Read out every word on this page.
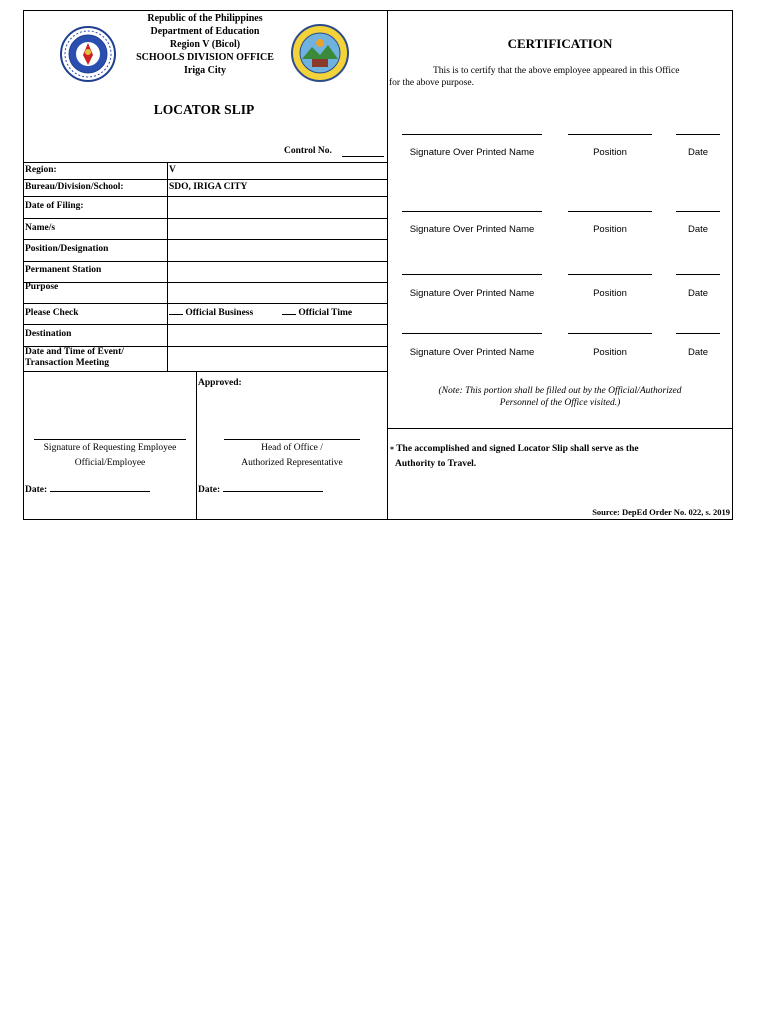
Republic of the Philippines
Department of Education
Region V (Bicol)
SCHOOLS DIVISION OFFICE
Iriga City
LOCATOR SLIP
Control No.
Region:	V
Bureau/Division/School:	SDO, IRIGA CITY
Date of Filing:
Name/s
Position/Designation
Permanent Station
Purpose
Please Check	Official Business	Official Time
Destination
Date and Time of Event/
Transaction Meeting
Approved:
Signature of Requesting Employee
Official/Employee
Head of Office /
Authorized Representative
Date:	Date:
CERTIFICATION
This is to certify that the above employee appeared in this Office
for the above purpose.
Signature Over Printed Name	Position	Date
Signature Over Printed Name	Position	Date
Signature Over Printed Name	Position	Date
Signature Over Printed Name	Position	Date
(Note: This portion shall be filled out by the Official/Authorized
Personnel of the Office visited.)
* The accomplished and signed Locator Slip shall serve as the
Authority to Travel.
Source: DepEd Order No. 022, s. 2019
